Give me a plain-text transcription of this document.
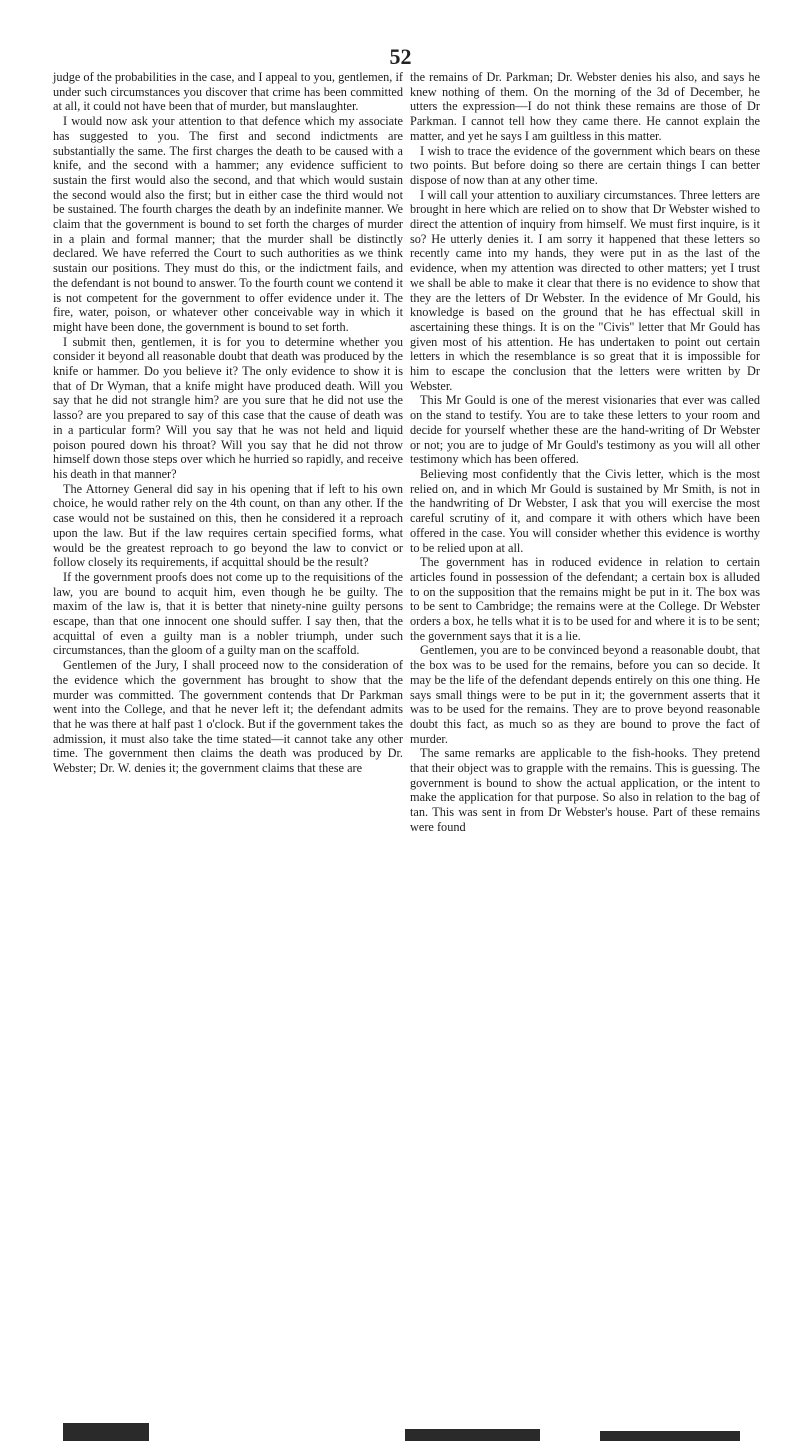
52

judge of the probabilities in the case, and I appeal to you, gentlemen, if under such circumstances you discover that crime has been committed at all, it could not have been that of murder, but manslaughter.

I would now ask your attention to that defence which my associate has suggested to you. The first and second indictments are substantially the same. The first charges the death to be caused with a knife, and the second with a hammer; any evidence sufficient to sustain the first would also the second, and that which would sustain the second would also the first; but in either case the third would not be sustained. The fourth charges the death by an indefinite manner. We claim that the government is bound to set forth the charges of murder in a plain and formal manner; that the murder shall be distinctly declared. We have referred the Court to such authorities as we think sustain our positions. They must do this, or the indictment fails, and the defendant is not bound to answer. To the fourth count we contend it is not competent for the government to offer evidence under it. The fire, water, poison, or whatever other conceivable way in which it might have been done, the government is bound to set forth.

I submit then, gentlemen, it is for you to determine whether you consider it beyond all reasonable doubt that death was produced by the knife or hammer. Do you believe it? The only evidence to show it is that of Dr Wyman, that a knife might have produced death. Will you say that he did not strangle him? are you sure that he did not use the lasso? are you prepared to say of this case that the cause of death was in a particular form? Will you say that he was not held and liquid poison poured down his throat? Will you say that he did not throw himself down those steps over which he hurried so rapidly, and receive his death in that manner?

The Attorney General did say in his opening that if left to his own choice, he would rather rely on the 4th count, on than any other. If the case would not be sustained on this, then he considered it a reproach upon the law. But if the law requires certain specified forms, what would be the greatest reproach to go beyond the law to convict or follow closely its requirements, if acquittal should be the result?

If the government proofs does not come up to the requisitions of the law, you are bound to acquit him, even though he be guilty. The maxim of the law is, that it is better that ninety-nine guilty persons escape, than that one innocent one should suffer. I say then, that the acquittal of even a guilty man is a nobler triumph, under such circumstances, than the gloom of a guilty man on the scaffold.

Gentlemen of the Jury, I shall proceed now to the consideration of the evidence which the government has brought to show that the murder was committed. The government contends that Dr Parkman went into the College, and that he never left it; the defendant admits that he was there at half past 1 o'clock. But if the government takes the admission, it must also take the time stated—it cannot take any other time. The government then claims the death was produced by Dr. Webster; Dr. W. denies it; the government claims that these are

the remains of Dr. Parkman; Dr. Webster denies his also, and says he knew nothing of them. On the morning of the 3d of December, he utters the expression—I do not think these remains are those of Dr Parkman. I cannot tell how they came there. He cannot explain the matter, and yet he says I am guiltless in this matter.

I wish to trace the evidence of the government which bears on these two points. But before doing so there are certain things I can better dispose of now than at any other time.

I will call your attention to auxiliary circumstances. Three letters are brought in here which are relied on to show that Dr Webster wished to direct the attention of inquiry from himself. We must first inquire, is it so? He utterly denies it. I am sorry it happened that these letters so recently came into my hands, they were put in as the last of the evidence, when my attention was directed to other matters; yet I trust we shall be able to make it clear that there is no evidence to show that they are the letters of Dr Webster. In the evidence of Mr Gould, his knowledge is based on the ground that he has effectual skill in ascertaining these things. It is on the "Civis" letter that Mr Gould has given most of his attention. He has undertaken to point out certain letters in which the resemblance is so great that it is impossible for him to escape the conclusion that the letters were written by Dr Webster.

This Mr Gould is one of the merest visionaries that ever was called on the stand to testify. You are to take these letters to your room and decide for yourself whether these are the hand-writing of Dr Webster or not; you are to judge of Mr Gould's testimony as you will all other testimony which has been offered.

Believing most confidently that the Civis letter, which is the most relied on, and in which Mr Gould is sustained by Mr Smith, is not in the handwriting of Dr Webster, I ask that you will exercise the most careful scrutiny of it, and compare it with others which have been offered in the case. You will consider whether this evidence is worthy to be relied upon at all.

The government has in roduced evidence in relation to certain articles found in possession of the defendant; a certain box is alluded to on the supposition that the remains might be put in it. The box was to be sent to Cambridge; the remains were at the College. Dr Webster orders a box, he tells what it is to be used for and where it is to be sent; the government says that it is a lie.

Gentlemen, you are to be convinced beyond a reasonable doubt, that the box was to be used for the remains, before you can so decide. It may be the life of the defendant depends entirely on this one thing. He says small things were to be put in it; the government asserts that it was to be used for the remains. They are to prove beyond reasonable doubt this fact, as much so as they are bound to prove the fact of murder.

The same remarks are applicable to the fish-hooks. They pretend that their object was to grapple with the remains. This is guessing. The government is bound to show the actual application, or the intent to make the application for that purpose. So also in relation to the bag of tan. This was sent in from Dr Webster's house. Part of these remains were found
